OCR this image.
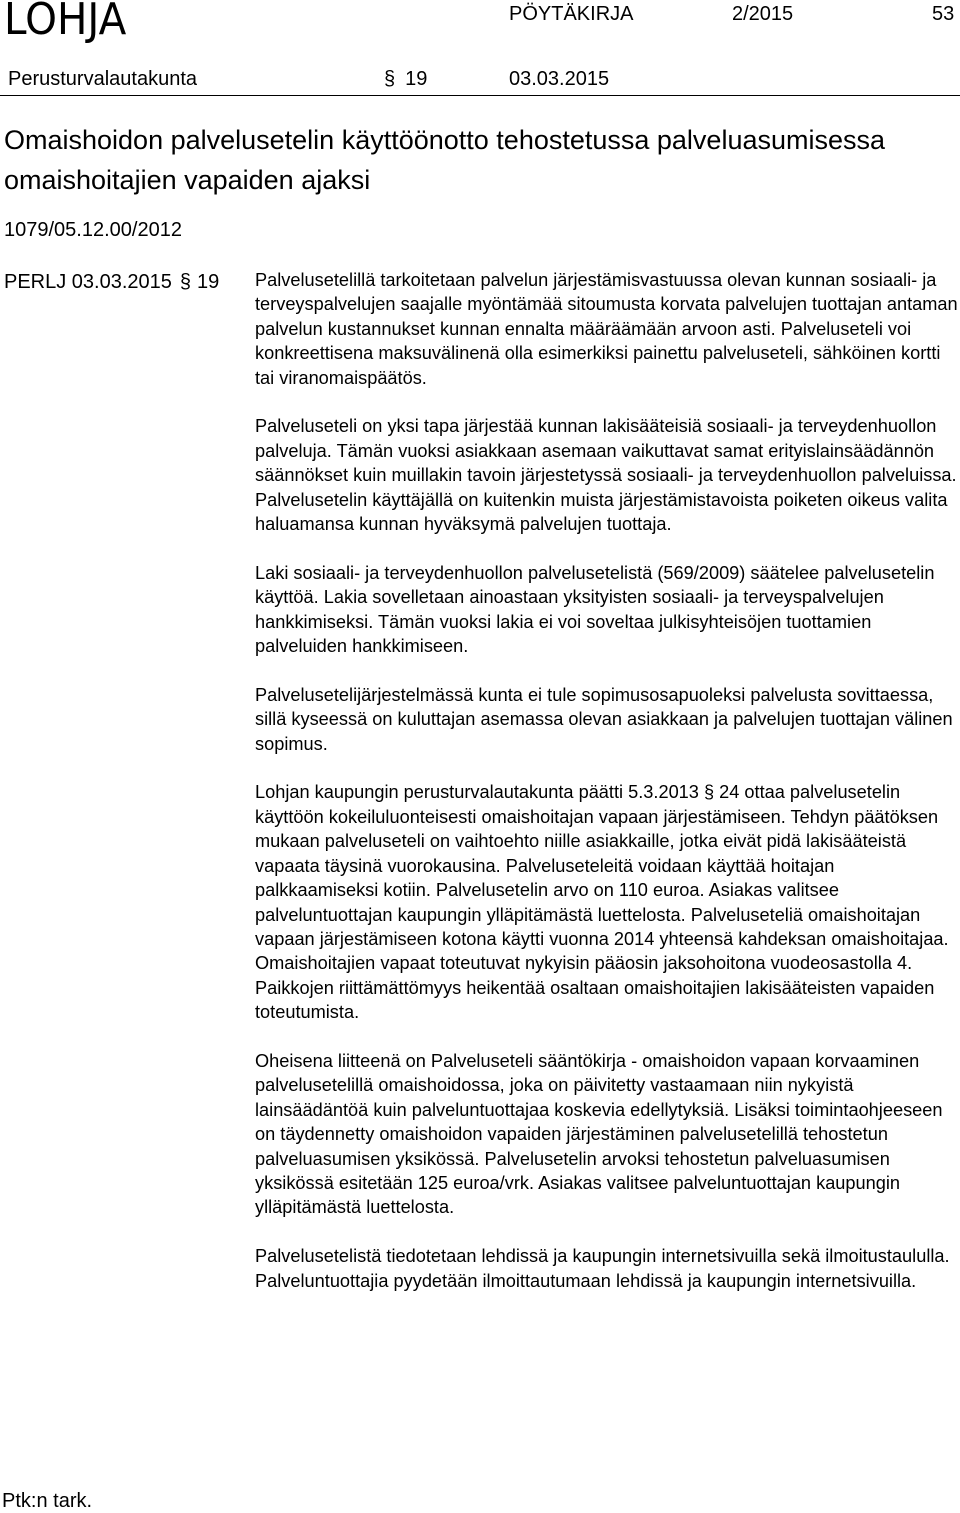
LOHJA	PÖYTÄKIRJA	2/2015	53
Perusturvalautakunta	§ 19	03.03.2015
Omaishoidon palvelusetelin käyttöönotto tehostetussa palveluasumisessa omaishoitajien vapaiden ajaksi
1079/05.12.00/2012
PERLJ 03.03.2015 § 19 Palvelusetelillä tarkoitetaan palvelun järjestämisvastuussa olevan kunnan sosiaali- ja terveyspalvelujen saajalle myöntämää sitoumusta korvata palvelujen tuottajan antaman palvelun kustannukset kunnan ennalta määräämään arvoon asti. Palveluseteli voi konkreettisena maksuvälinenä olla esimerkiksi painettu palveluseteli, sähköinen kortti tai viranomaispäätös.

Palveluseteli on yksi tapa järjestää kunnan lakisääteisiä sosiaali- ja terveydenhuollon palveluja. Tämän vuoksi asiakkaan asemaan vaikuttavat samat erityislainsäädännön säännökset kuin muillakin tavoin järjestetyssä sosiaali- ja terveydenhuollon palveluissa. Palvelusetelin käyttäjällä on kuitenkin muista järjestämistavoista poiketen oikeus valita haluamansa kunnan hyväksymä palvelujen tuottaja.

Laki sosiaali- ja terveydenhuollon palvelusetelistä (569/2009) säätelee palvelusetelin käyttöä. Lakia sovelletaan ainoastaan yksityisten sosiaali- ja terveyspalvelujen hankkimiseksi. Tämän vuoksi lakia ei voi soveltaa julkisyhteisöjen tuottamien palveluiden hankkimiseen.

Palvelusetelijärjestelmässä kunta ei tule sopimusosapuoleksi palvelusta sovittaessa, sillä kyseessä on kuluttajan asemassa olevan asiakkaan ja palvelujen tuottajan välinen sopimus.

Lohjan kaupungin perusturvalautakunta päätti 5.3.2013 § 24 ottaa palvelusetelin käyttöön kokeiluluonteisesti omaishoitajan vapaan järjestämiseen. Tehdyn päätöksen mukaan palveluseteli on vaihtoehto niille asiakkaille, jotka eivät pidä lakisääteistä vapaata täysinä vuorokausina. Palveluseteleitä voidaan käyttää hoitajan palkkaamiseksi kotiin. Palvelusetelin arvo on 110 euroa. Asiakas valitsee palveluntuottajan kaupungin ylläpitämästä luettelosta. Palveluseteliä omaishoitajan vapaan järjestämiseen kotona käytti vuonna 2014 yhteensä kahdeksan omaishoitajaa. Omaishoitajien vapaat toteutuvat nykyisin pääosin jaksohoitona vuodeosastolla 4. Paikkojen riittämättömyys heikentää osaltaan omaishoitajien lakisääteisten vapaiden toteutumista.

Oheisena liitteenä on Palveluseteli sääntökirja - omaishoidon vapaan korvaaminen palvelusetelillä omaishoidossa, joka on päivitetty vastaamaan niin nykyistä lainsäädäntöä kuin palveluntuottajaa koskevia edellytyksiä. Lisäksi toimintaohjeeseen on täydennetty omaishoidon vapaiden järjestäminen palvelusetelillä tehostetun palveluasumisen yksikössä. Palvelusetelin arvoksi tehostetun palveluasumisen yksikössä esitetään 125 euroa/vrk. Asiakas valitsee palveluntuottajan kaupungin ylläpitämästä luettelosta.

Palvelusetelistä tiedotetaan lehdissä ja kaupungin internetsivuilla sekä ilmoitustaululla. Palveluntuottajia pyydetään ilmoittautumaan lehdissä ja kaupungin internetsivuilla.

Ptk:n tark.
